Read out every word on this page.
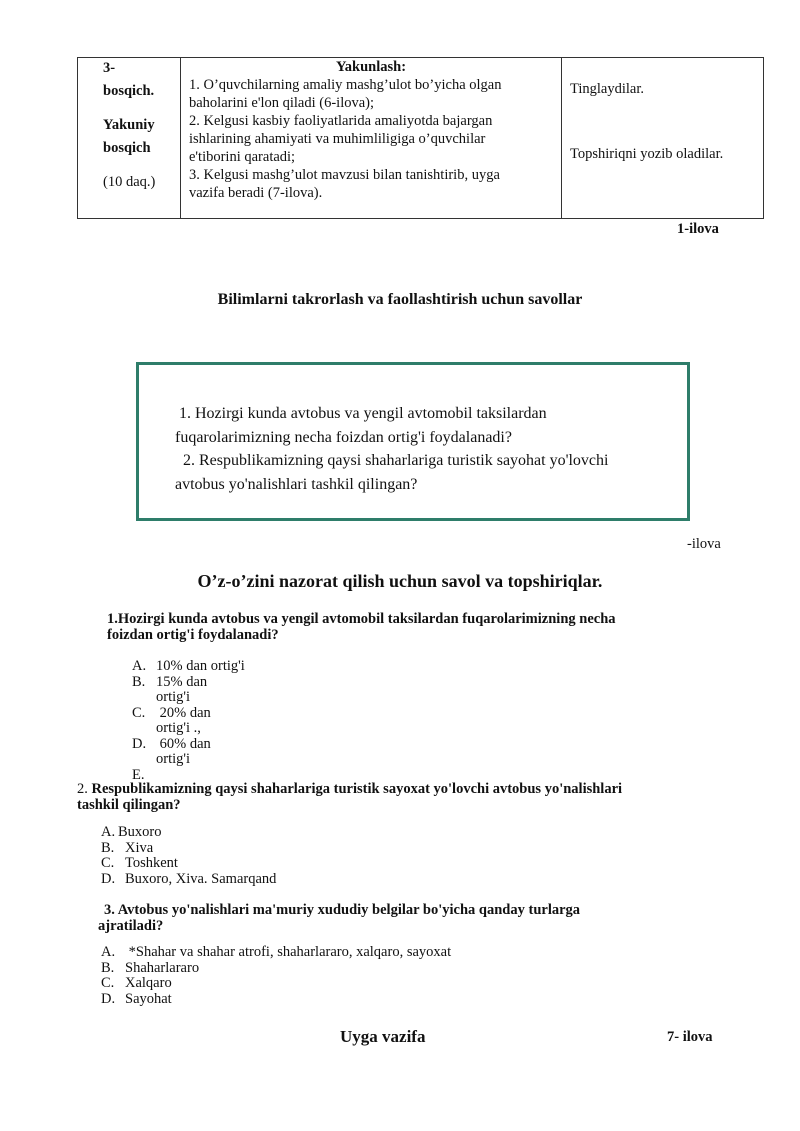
3-
bosqich.
Yakuniy
bosqich
(10 daq.)

Yakunlash:
1. O’quvchilarning amaliy mashg’ulot bo’yicha olgan
baholarini e'lon qiladi (6-ilova);
2. Kelgusi kasbiy faoliyatlarida amaliyotda bajargan
ishlarining ahamiyati va muhimliligiga o’quvchilar
e'tiborini qaratadi;
3. Kelgusi mashg’ulot mavzusi bilan tanishtirib, uyga
vazifa beradi (7-ilova).

Tinglaydilar.
Topshiriqni yozib oladilar.
1-ilova
Bilimlarni takrorlash va faollashtirish uchun savollar

1. Hozirgi kunda avtobus va yengil avtomobil taksilardan

fuqarolarimizning necha foizdan ortig'i foydalanadi?

2. Respublikamizning qaysi shaharlariga turistik sayohat yo'lovchi

avtobus yo'nalishlari tashkil qilingan?

-ilova
O’z-o’zini nazorat qilish uchun savol va topshiriqlar.
1.Hozirgi kunda avtobus va yengil avtomobil taksilardan fuqarolarimizning necha
foizdan ortig'i foydalanadi?
A. 10% dan ortig'i
B. 15% dan
ortig'i
C. 20% dan
ortig'i .,
D. 60% dan
ortig'i
E.
2. Respublikamizning qaysi shaharlariga turistik sayoxat yo'lovchi avtobus yo'nalishlari
tashkil qilingan?
A. Buxoro
B. Xiva
C. Toshkent
D. Buxoro, Xiva. Samarqand
3. Avtobus yo'nalishlari ma'muriy xududiy belgilar bo'yicha qanday turlarga
ajratiladi?
A. *Shahar va shahar atrofi, shaharlararo, xalqaro, sayoxat
B. Shaharlararo
C. Xalqaro
D. Sayohat
Uyga vazifa	7- ilova
